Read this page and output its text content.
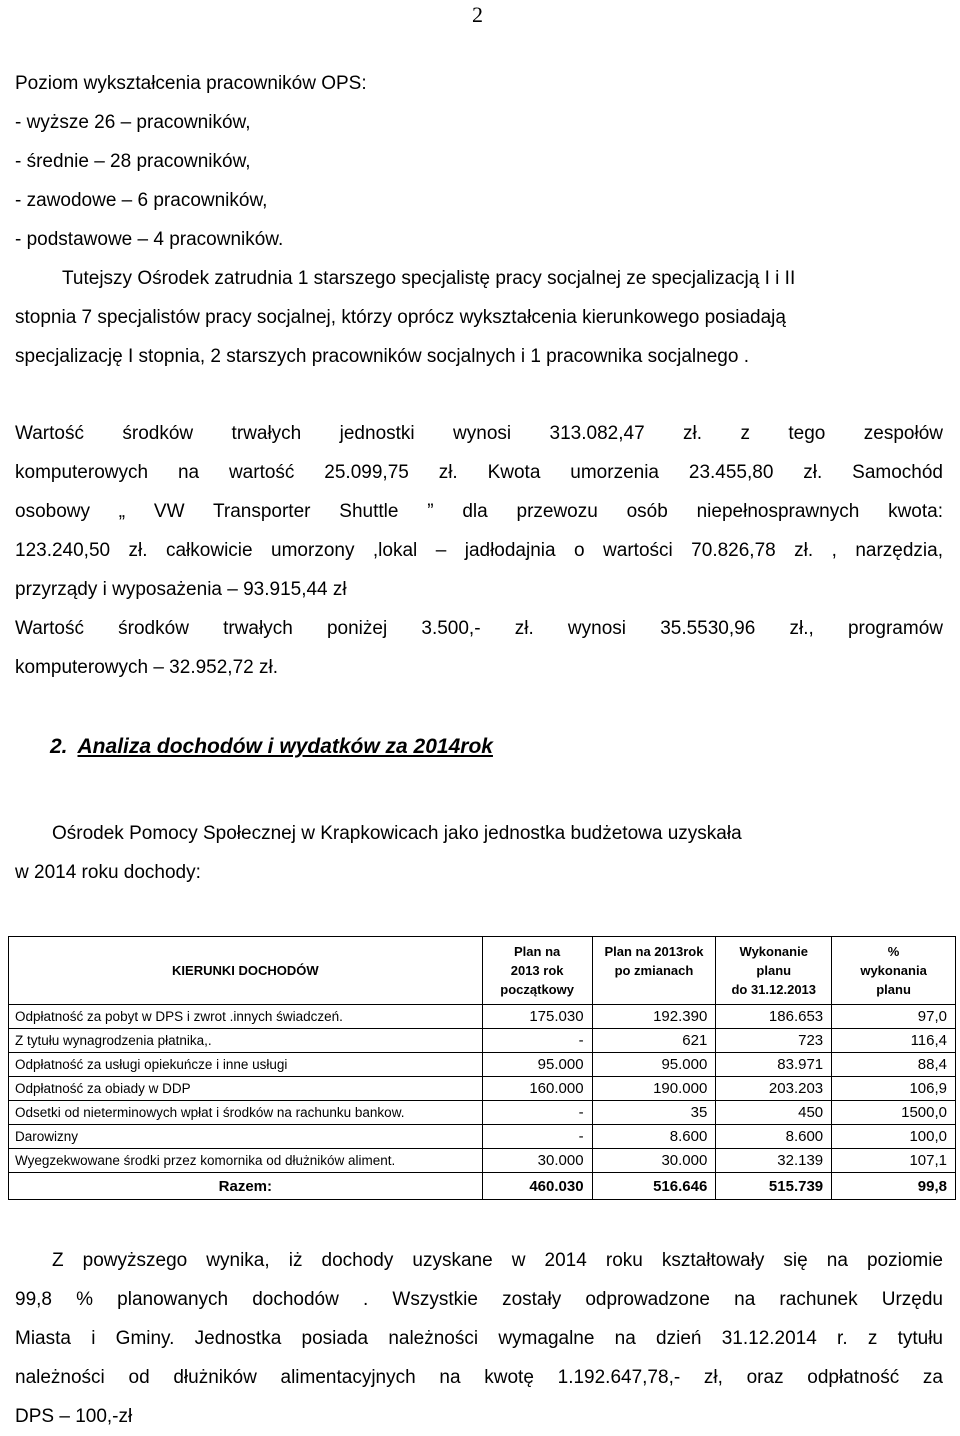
2
Poziom wykształcenia pracowników OPS:
- wyższe 26 – pracowników,
- średnie – 28 pracowników,
- zawodowe – 6 pracowników,
- podstawowe – 4 pracowników.
Tutejszy Ośrodek zatrudnia 1 starszego specjalistę pracy socjalnej ze specjalizacją I i II
stopnia 7 specjalistów pracy socjalnej, którzy oprócz wykształcenia kierunkowego posiadają
specjalizację I stopnia, 2 starszych pracowników socjalnych i 1 pracownika socjalnego .
Wartość środków trwałych jednostki wynosi 313.082,47 zł. z tego zespołów
komputerowych na wartość 25.099,75 zł. Kwota umorzenia 23.455,80 zł. Samochód
osobowy „ VW Transporter Shuttle ” dla przewozu osób niepełnosprawnych kwota:
123.240,50 zł. całkowicie umorzony ,lokal – jadłodajnia o wartości 70.826,78 zł. , narzędzia,
przyrządy i wyposażenia – 93.915,44 zł
Wartość środków trwałych poniżej 3.500,- zł. wynosi 35.5530,96 zł., programów
komputerowych – 32.952,72 zł.
2. Analiza dochodów i wydatków za 2014rok
Ośrodek Pomocy Społecznej w Krapkowicach jako jednostka budżetowa uzyskała
w 2014 roku dochody:
KIERUNKI DOCHODÓW	Plan na
2013 rok
początkowy	Plan na 2013rok
po zmianach	Wykonanie
planu
do 31.12.2013	%
wykonania
planu
Odpłatność za pobyt w DPS i zwrot .innych świadczeń.	175.030	192.390	186.653	97,0
Z tytułu wynagrodzenia płatnika,.	-	621	723	116,4
Odpłatność za usługi opiekuńcze i inne usługi	95.000	95.000	83.971	88,4
Odpłatność za obiady w DDP	160.000	190.000	203.203	106,9
Odsetki od nieterminowych wpłat i środków na rachunku bankow.	-	35	450	1500,0
Darowizny	-	8.600	8.600	100,0
Wyegzekwowane środki przez komornika od dłużników aliment.	30.000	30.000	32.139	107,1
Razem:	460.030	516.646	515.739	99,8
Z powyższego wynika, iż dochody uzyskane w 2014 roku kształtowały się na poziomie
99,8 % planowanych dochodów . Wszystkie zostały odprowadzone na rachunek Urzędu
Miasta i Gminy. Jednostka posiada należności wymagalne na dzień 31.12.2014 r. z tytułu
należności od dłużników alimentacyjnych na kwotę 1.192.647,78,- zł, oraz odpłatność za
DPS – 100,-zł
